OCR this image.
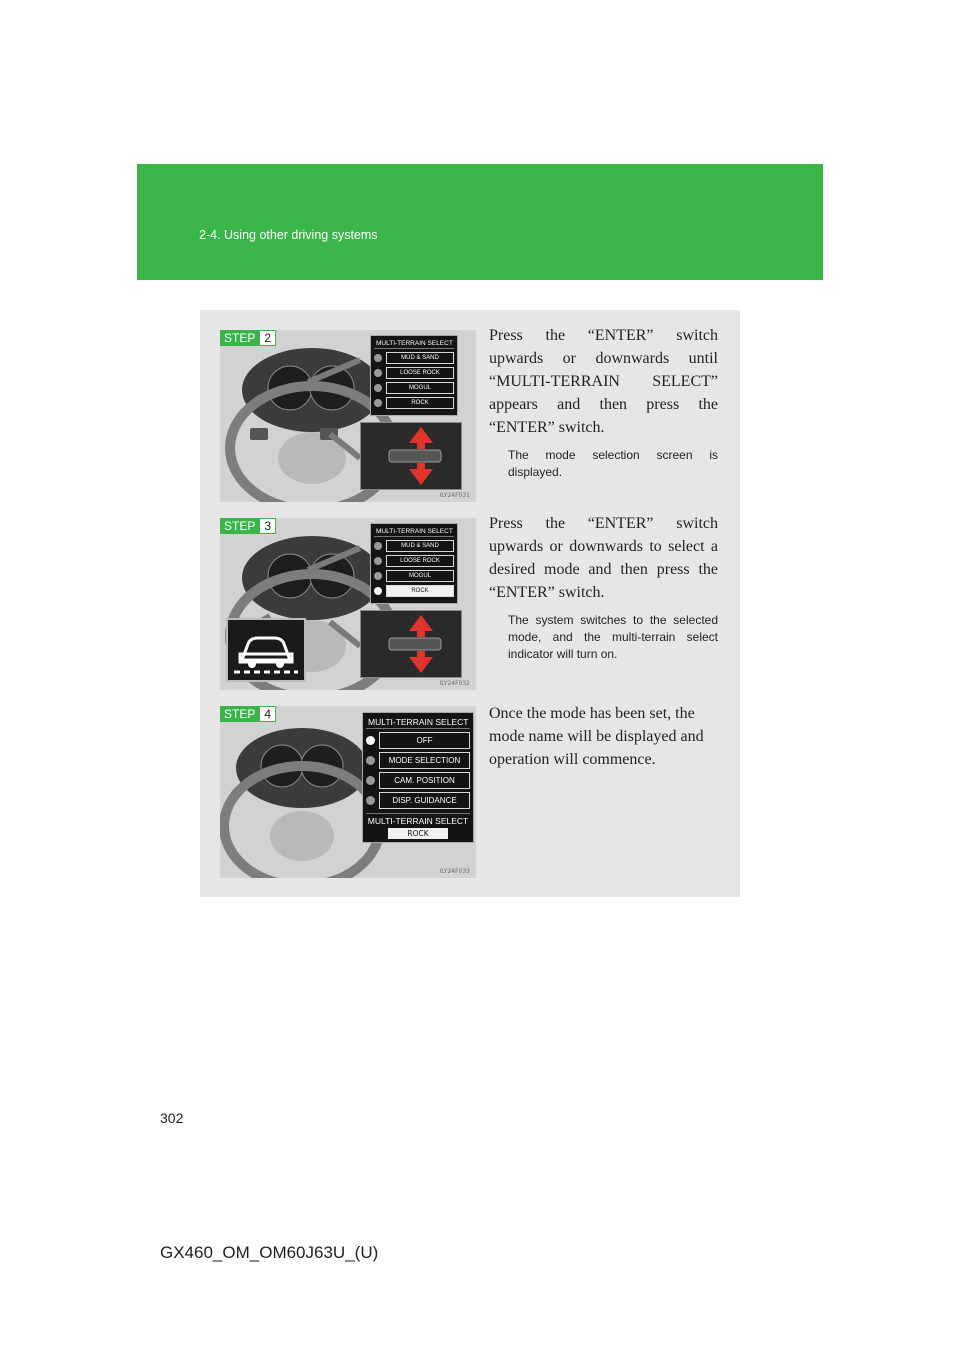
2-4. Using other driving systems
STEP 2	MULTI-TERRAIN SELECT
MUD & SAND
LOOSE ROCK
MOGUL
ROCK
ILY24F031

Press the “ENTER” switch upwards or downwards until “MULTI-TERRAIN SELECT” appears and then press the “ENTER” switch.

The mode selection screen is displayed.

STEP 3	MULTI-TERRAIN SELECT
MUD & SAND
LOOSE ROCK
MOGUL
ROCK
ILY24F032

Press the “ENTER” switch upwards or downwards to select a desired mode and then press the “ENTER” switch.

The system switches to the selected mode, and the multi-terrain select indicator will turn on.

STEP 4
MULTI-TERRAIN SELECT
OFF
MODE SELECTION
CAM. POSITION
DISP. GUIDANCE
MULTI-TERRAIN SELECT
ROCK
ILY24F033

Once the mode has been set, the mode name will be displayed and operation will commence.

302
GX460_OM_OM60J63U_(U)
